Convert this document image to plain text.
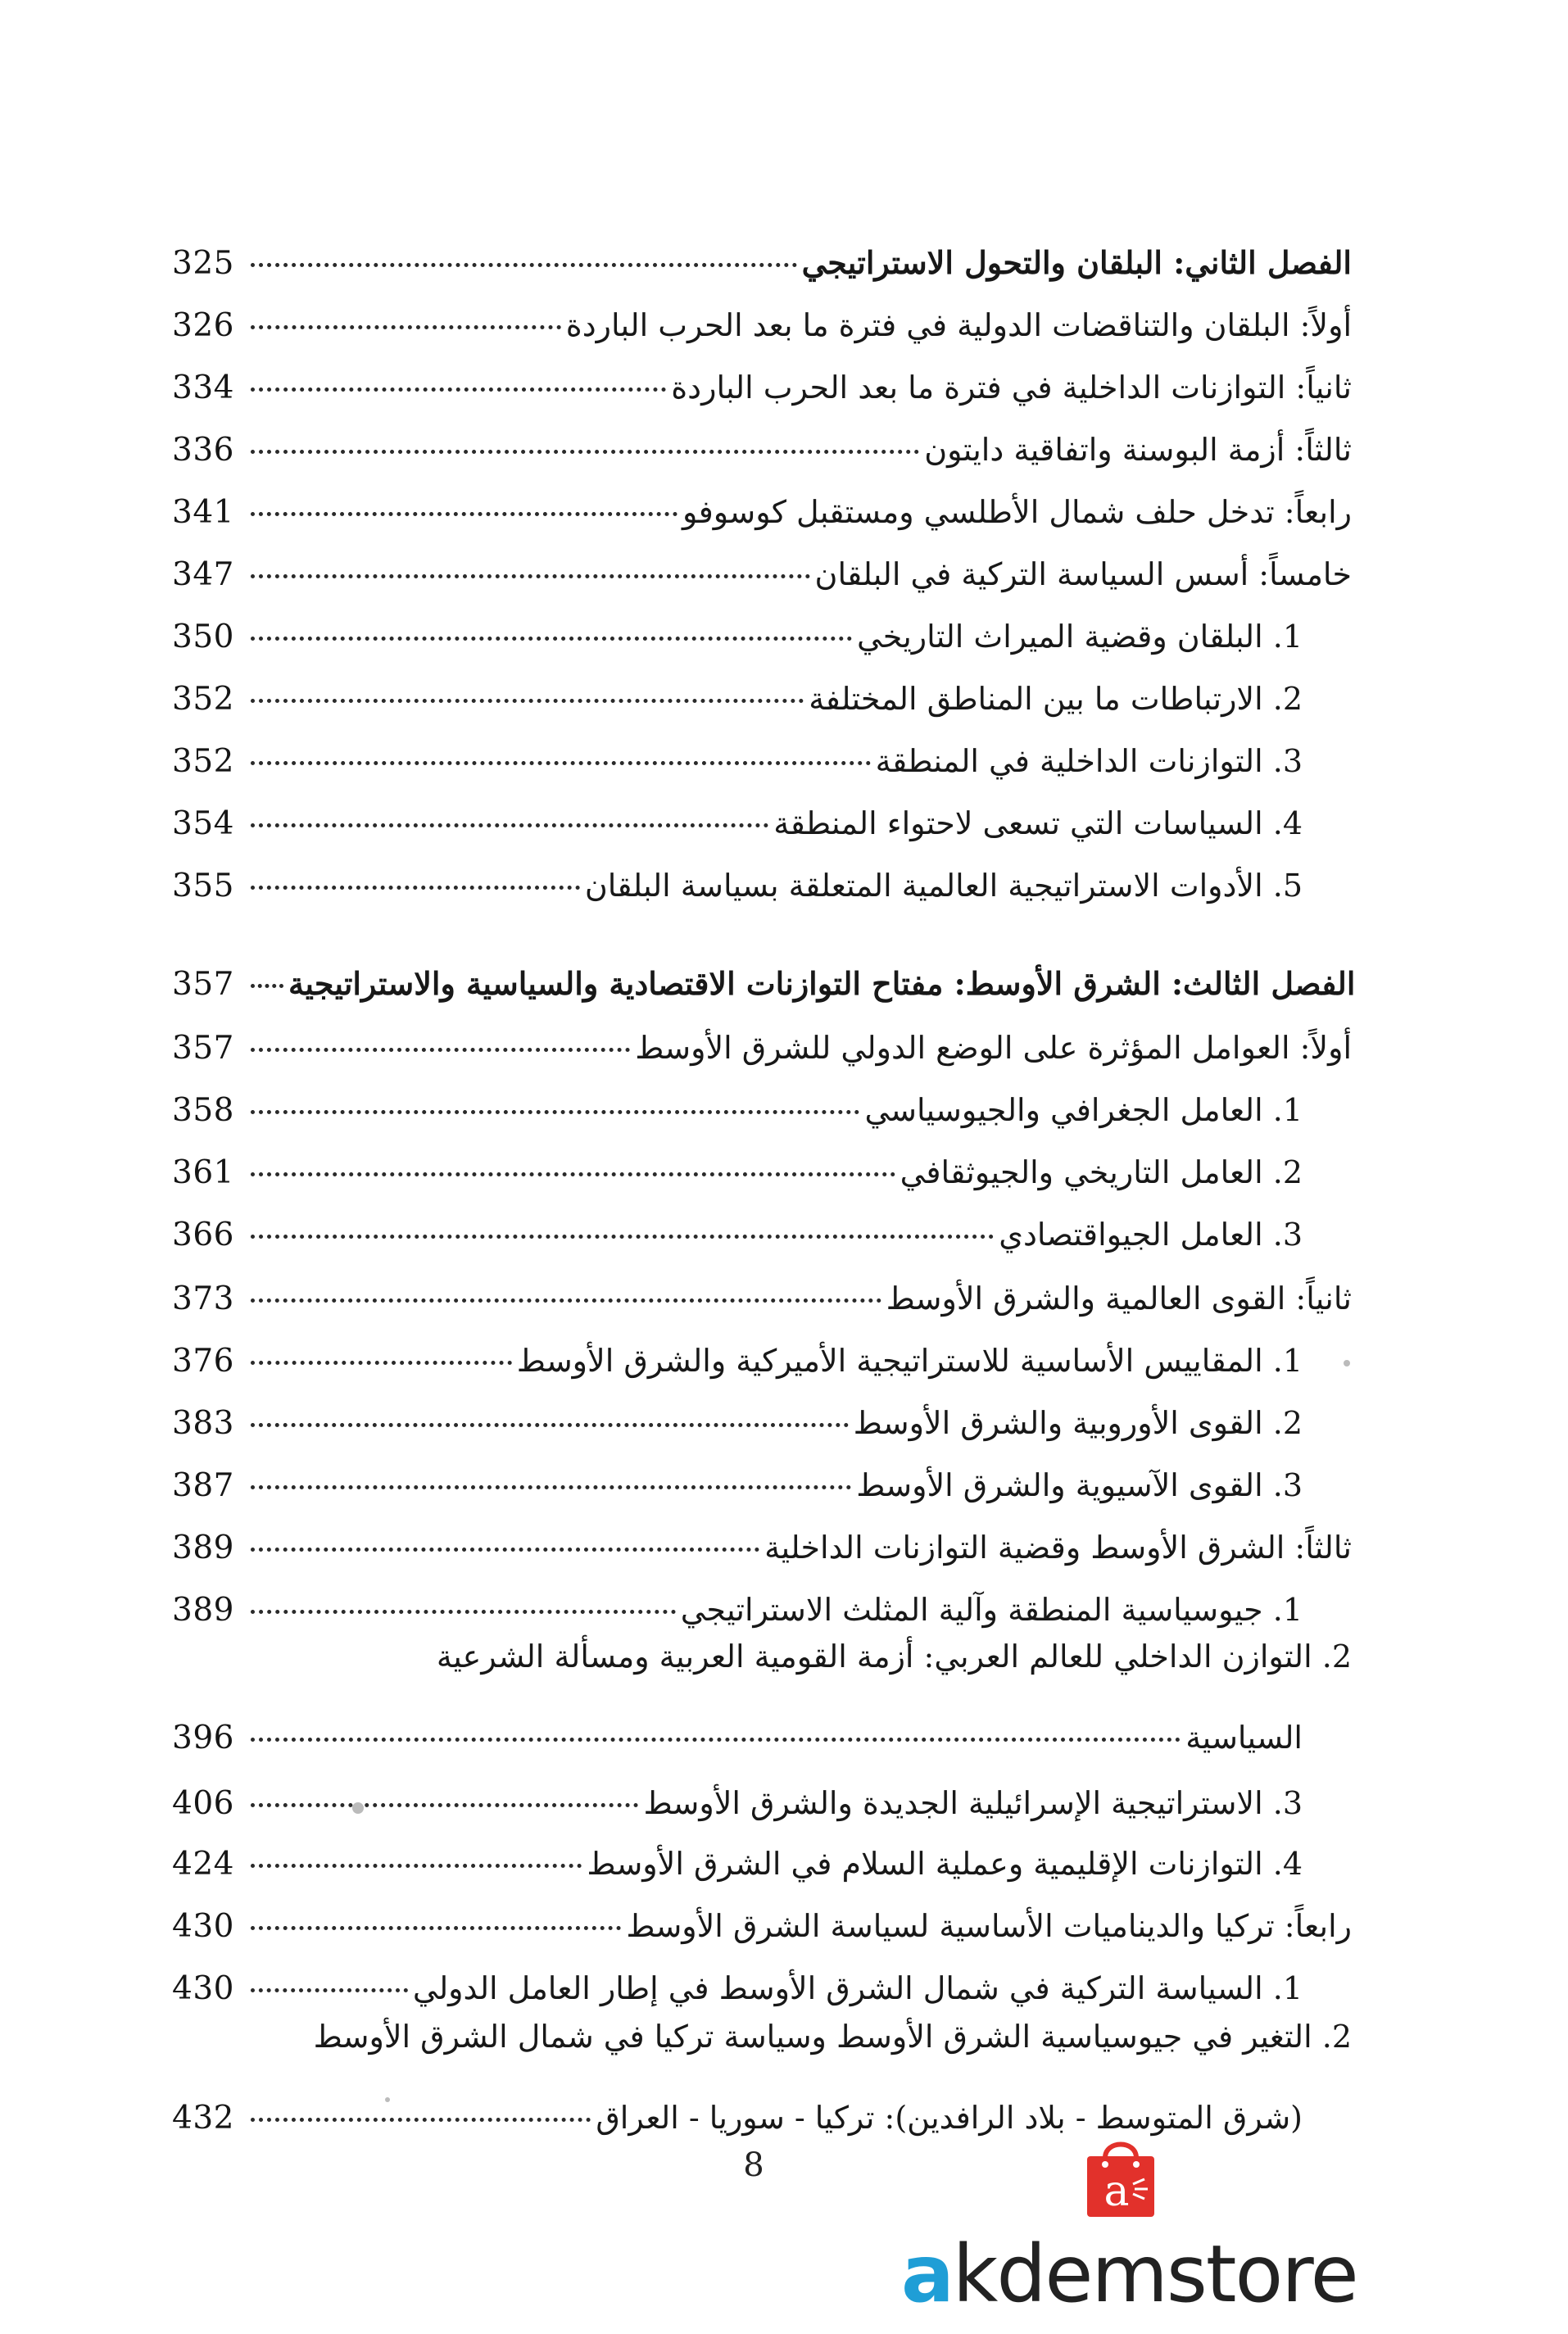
325	الفصل الثاني: البلقان والتحول الاستراتيجي
326	أولاً: البلقان والتناقضات الدولية في فترة ما بعد الحرب الباردة
334	ثانياً: التوازنات الداخلية في فترة ما بعد الحرب الباردة
336	ثالثاً: أزمة البوسنة واتفاقية دايتون
341	رابعاً: تدخل حلف شمال الأطلسي ومستقبل كوسوفو
347	خامساً: أسس السياسة التركية في البلقان
350	1. البلقان وقضية الميراث التاريخي
352	2. الارتباطات ما بين المناطق المختلفة
352	3. التوازنات الداخلية في المنطقة
354	4. السياسات التي تسعى لاحتواء المنطقة
355	5. الأدوات الاستراتيجية العالمية المتعلقة بسياسة البلقان
357	الفصل الثالث: الشرق الأوسط: مفتاح التوازنات الاقتصادية والسياسية والاستراتيجية
357	أولاً: العوامل المؤثرة على الوضع الدولي للشرق الأوسط
358	1. العامل الجغرافي والجيوسياسي
361	2. العامل التاريخي والجيوثقافي
366	3. العامل الجيواقتصادي
373	ثانياً: القوى العالمية والشرق الأوسط
376	1. المقاييس الأساسية للاستراتيجية الأميركية والشرق الأوسط
383	2. القوى الأوروبية والشرق الأوسط
387	3. القوى الآسيوية والشرق الأوسط
389	ثالثاً: الشرق الأوسط وقضية التوازنات الداخلية
389	1. جيوسياسية المنطقة وآلية المثلث الاستراتيجي
2. التوازن الداخلي للعالم العربي: أزمة القومية العربية ومسألة الشرعية
396	السياسية
406	3. الاستراتيجية الإسرائيلية الجديدة والشرق الأوسط
424	4. التوازنات الإقليمية وعملية السلام في الشرق الأوسط
430	رابعاً: تركيا والديناميات الأساسية لسياسة الشرق الأوسط
430	1. السياسة التركية في شمال الشرق الأوسط في إطار العامل الدولي
2. التغير في جيوسياسية الشرق الأوسط وسياسة تركيا في شمال الشرق الأوسط
432	(شرق المتوسط - بلاد الرافدين): تركيا - سوريا - العراق
8
a
akdemstore
